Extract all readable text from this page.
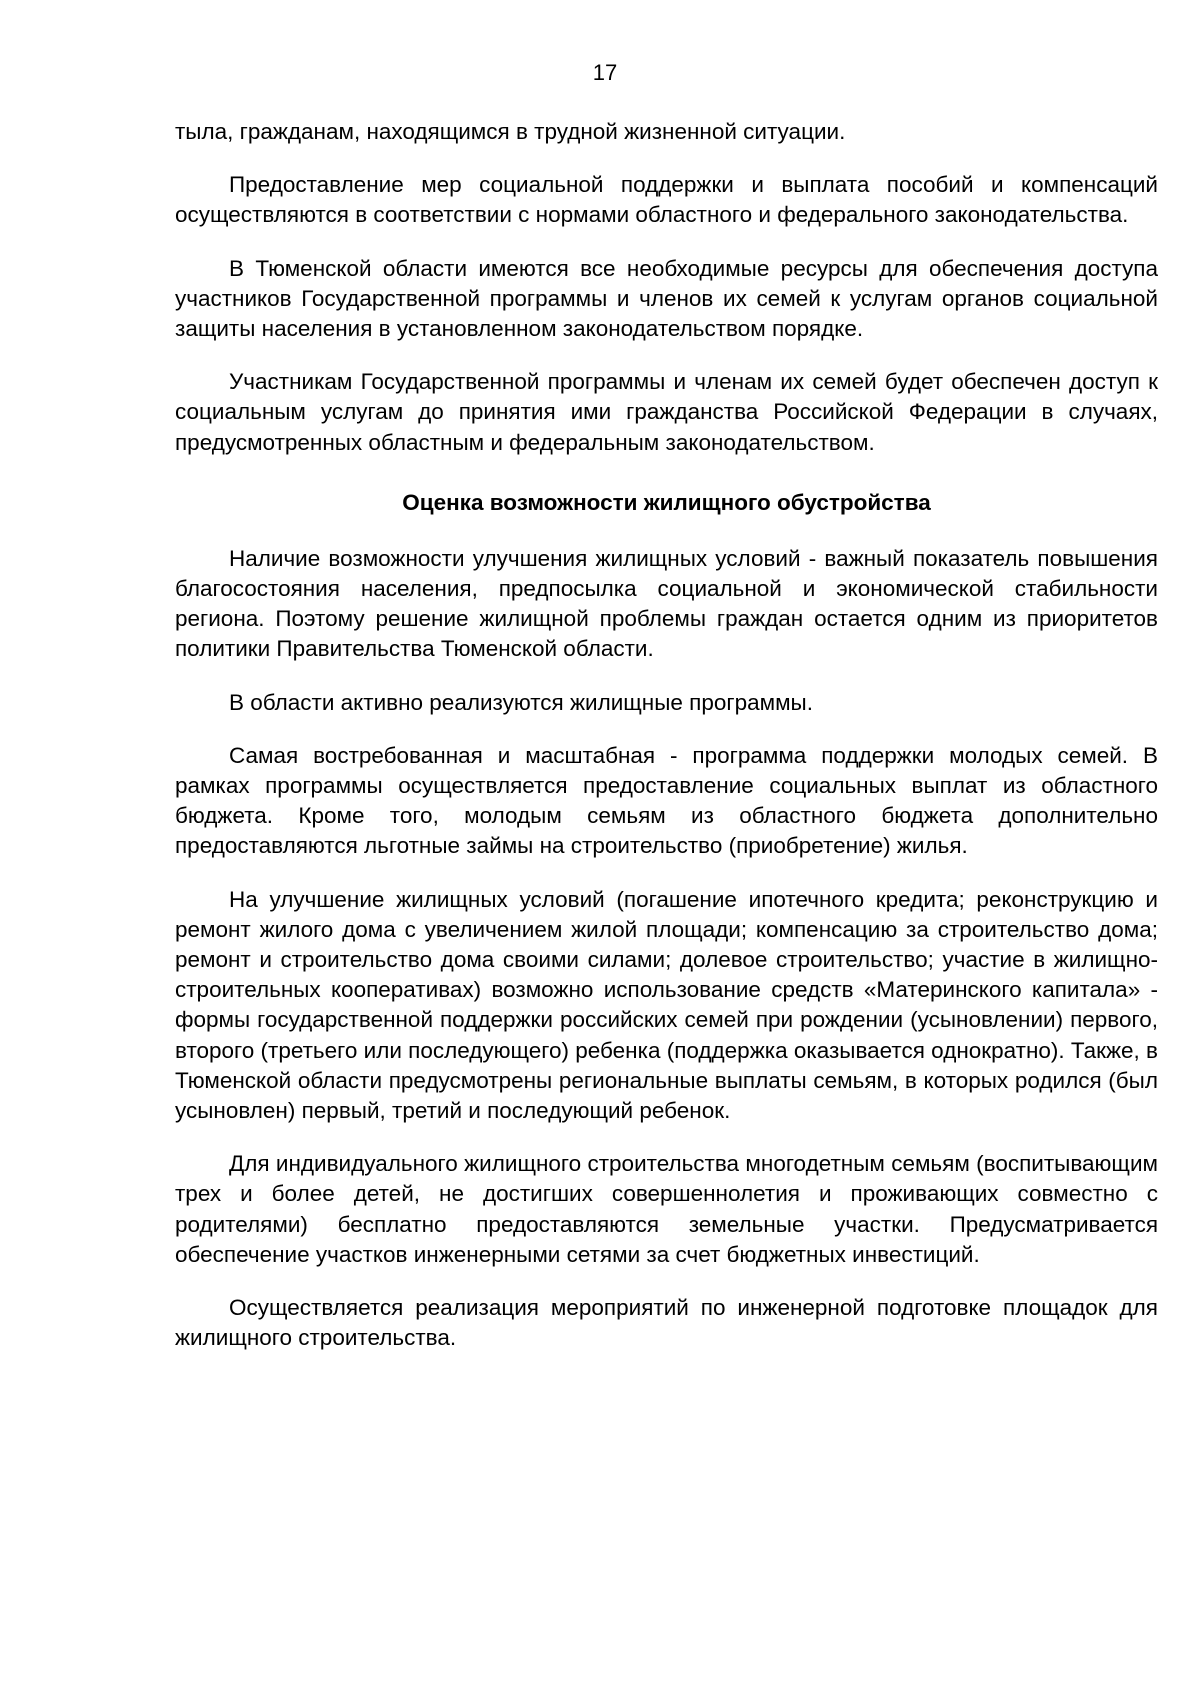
17

тыла, гражданам, находящимся в трудной жизненной ситуации.

Предоставление мер социальной поддержки и выплата пособий и компенсаций осуществляются в соответствии с нормами областного и федерального законодательства.

В Тюменской области имеются все необходимые ресурсы для обеспечения доступа участников Государственной программы и членов их семей к услугам органов социальной защиты населения в установленном законодательством порядке.

Участникам Государственной программы и членам их семей будет обеспечен доступ к социальным услугам до принятия ими гражданства Российской Федерации в случаях, предусмотренных областным и федеральным законодательством.

Оценка возможности жилищного обустройства

Наличие возможности улучшения жилищных условий - важный показатель повышения благосостояния населения, предпосылка социальной и экономической стабильности региона. Поэтому решение жилищной проблемы граждан остается одним из приоритетов политики Правительства Тюменской области.

В области активно реализуются жилищные программы.

Самая востребованная и масштабная - программа поддержки молодых семей. В рамках программы осуществляется предоставление социальных выплат из областного бюджета. Кроме того, молодым семьям из областного бюджета дополнительно предоставляются льготные займы на строительство (приобретение) жилья.

На улучшение жилищных условий (погашение ипотечного кредита; реконструкцию и ремонт жилого дома с увеличением жилой площади; компенсацию за строительство дома; ремонт и строительство дома своими силами; долевое строительство; участие в жилищно-строительных кооперативах) возможно использование средств «Материнского капитала» - формы государственной поддержки российских семей при рождении (усыновлении) первого, второго (третьего или последующего) ребенка (поддержка оказывается однократно). Также, в Тюменской области предусмотрены региональные выплаты семьям, в которых родился (был усыновлен) первый, третий и последующий ребенок.

Для индивидуального жилищного строительства многодетным семьям (воспитывающим трех и более детей, не достигших совершеннолетия и проживающих совместно с родителями) бесплатно предоставляются земельные участки. Предусматривается обеспечение участков инженерными сетями за счет бюджетных инвестиций.

Осуществляется реализация мероприятий по инженерной подготовке площадок для жилищного строительства.
